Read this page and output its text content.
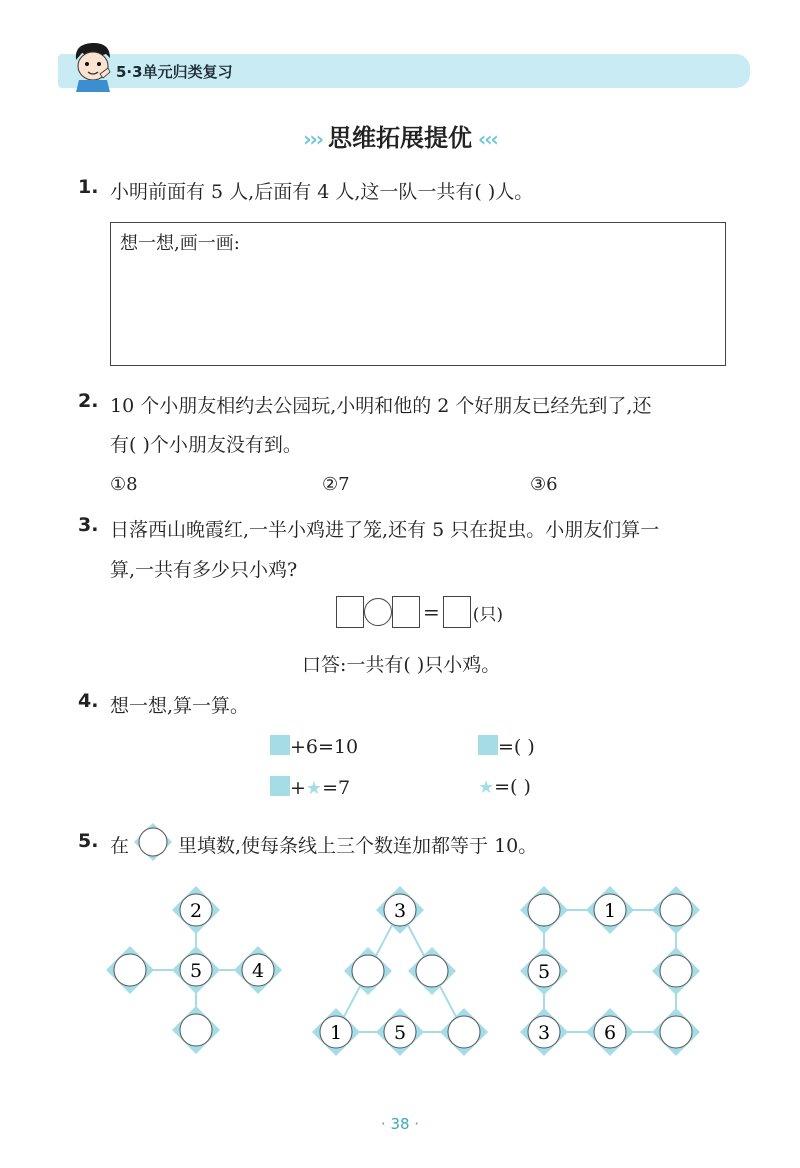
5·3单元归类复习
››› 思维拓展提优 ‹‹‹
1. 小明前面有 5 人,后面有 4 人,这一队一共有( )人。
想一想,画一画:
2. 10 个小朋友相约去公园玩,小明和他的 2 个好朋友已经先到了,还
有( )个小朋友没有到。
①8	②7	③6
3. 日落西山晚霞红,一半小鸡进了笼,还有 5 只在捉虫。小朋友们算一
算,一共有多少只小鸡?
= (只)
口答:一共有( )只小鸡。
4. 想一想,算一算。
+6=10	=( )
+★=7	★=( )
5. 在	里填数,使每条线上三个数连加都等于 10。
2
5	4
3
1	5
1
5
3	6
· 38 ·
